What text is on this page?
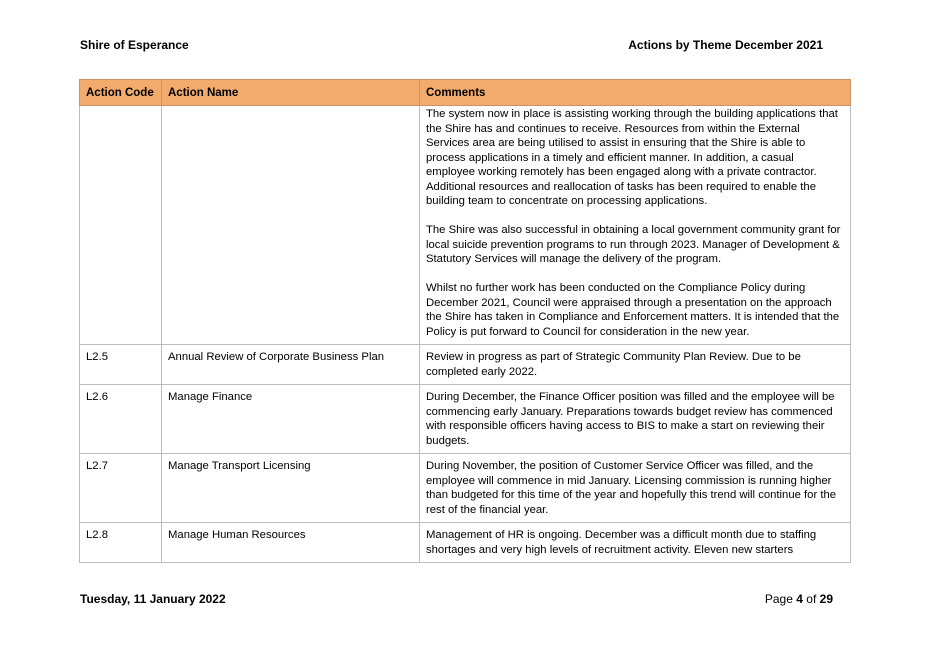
Shire of Esperance	Actions by Theme December 2021
Action Code	Action Name	Comments

		The system now in place is assisting working through the building applications that the Shire has and continues to receive. Resources from within the External Services area are being utilised to assist in ensuring that the Shire is able to process applications in a timely and efficient manner. In addition, a casual employee working remotely has been engaged along with a private contractor. Additional resources and reallocation of tasks has been required to enable the building team to concentrate on processing applications.
The Shire was also successful in obtaining a local government community grant for local suicide prevention programs to run through 2023. Manager of Development & Statutory Services will manage the delivery of the program.
Whilst no further work has been conducted on the Compliance Policy during December 2021, Council were appraised through a presentation on the approach the Shire has taken in Compliance and Enforcement matters. It is intended that the Policy is put forward to Council for consideration in the new year.

L2.5	Annual Review of Corporate Business Plan	Review in progress as part of Strategic Community Plan Review. Due to be completed early 2022.
L2.6	Manage Finance	During December, the Finance Officer position was filled and the employee will be commencing early January. Preparations towards budget review has commenced with responsible officers having access to BIS to make a start on reviewing their budgets.
L2.7	Manage Transport Licensing	During November, the position of Customer Service Officer was filled, and the employee will commence in mid January. Licensing commission is running higher than budgeted for this time of the year and hopefully this trend will continue for the rest of the financial year.
L2.8	Manage Human Resources	Management of HR is ongoing. December was a difficult month due to staffing shortages and very high levels of recruitment activity. Eleven new starters
Tuesday, 11 January 2022	Page 4 of 29
